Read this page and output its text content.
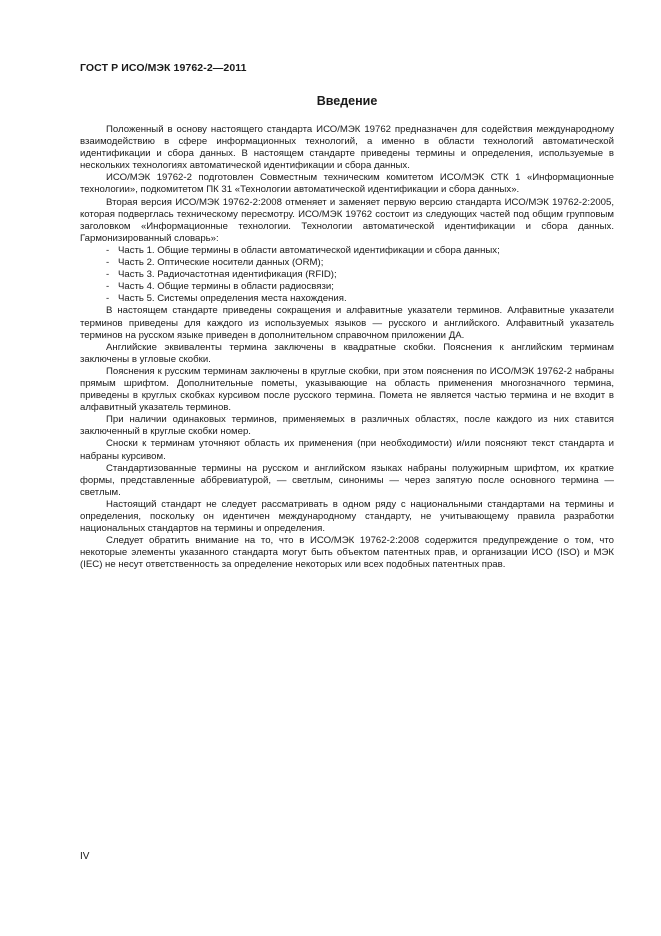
ГОСТ Р ИСО/МЭК 19762-2—2011
Введение

Положенный в основу настоящего стандарта ИСО/МЭК 19762 предназначен для содействия международному взаимодействию в сфере информационных технологий, а именно в области технологий автоматической идентификации и сбора данных. В настоящем стандарте приведены термины и определения, используемые в нескольких технологиях автоматической идентификации и сбора данных.

ИСО/МЭК 19762-2 подготовлен Совместным техническим комитетом ИСО/МЭК СТК 1 «Информационные технологии», подкомитетом ПК 31 «Технологии автоматической идентификации и сбора данных».

Вторая версия ИСО/МЭК 19762-2:2008 отменяет и заменяет первую версию стандарта ИСО/МЭК 19762-2:2005, которая подверглась техническому пересмотру. ИСО/МЭК 19762 состоит из следующих частей под общим групповым заголовком «Информационные технологии. Технологии автоматической идентификации и сбора данных. Гармонизированный словарь»:

- Часть 1. Общие термины в области автоматической идентификации и сбора данных;
- Часть 2. Оптические носители данных (ORM);
- Часть 3. Радиочастотная идентификация (RFID);
- Часть 4. Общие термины в области радиосвязи;
- Часть 5. Системы определения места нахождения.

В настоящем стандарте приведены сокращения и алфавитные указатели терминов. Алфавитные указатели терминов приведены для каждого из используемых языков — русского и английского. Алфавитный указатель терминов на русском языке приведен в дополнительном справочном приложении ДА.

Английские эквиваленты термина заключены в квадратные скобки. Пояснения к английским терминам заключены в угловые скобки.

Пояснения к русским терминам заключены в круглые скобки, при этом пояснения по ИСО/МЭК 19762-2 набраны прямым шрифтом. Дополнительные пометы, указывающие на область применения многозначного термина, приведены в круглых скобках курсивом после русского термина. Помета не является частью термина и не входит в алфавитный указатель терминов.

При наличии одинаковых терминов, применяемых в различных областях, после каждого из них ставится заключенный в круглые скобки номер.

Сноски к терминам уточняют область их применения (при необходимости) и/или поясняют текст стандарта и набраны курсивом.

Стандартизованные термины на русском и английском языках набраны полужирным шрифтом, их краткие формы, представленные аббревиатурой, — светлым, синонимы — через запятую после основного термина — светлым.

Настоящий стандарт не следует рассматривать в одном ряду с национальными стандартами на термины и определения, поскольку он идентичен международному стандарту, не учитывающему правила разработки национальных стандартов на термины и определения.

Следует обратить внимание на то, что в ИСО/МЭК 19762-2:2008 содержится предупреждение о том, что некоторые элементы указанного стандарта могут быть объектом патентных прав, и организации ИСО (ISO) и МЭК (IEC) не несут ответственность за определение некоторых или всех подобных патентных прав.

IV
